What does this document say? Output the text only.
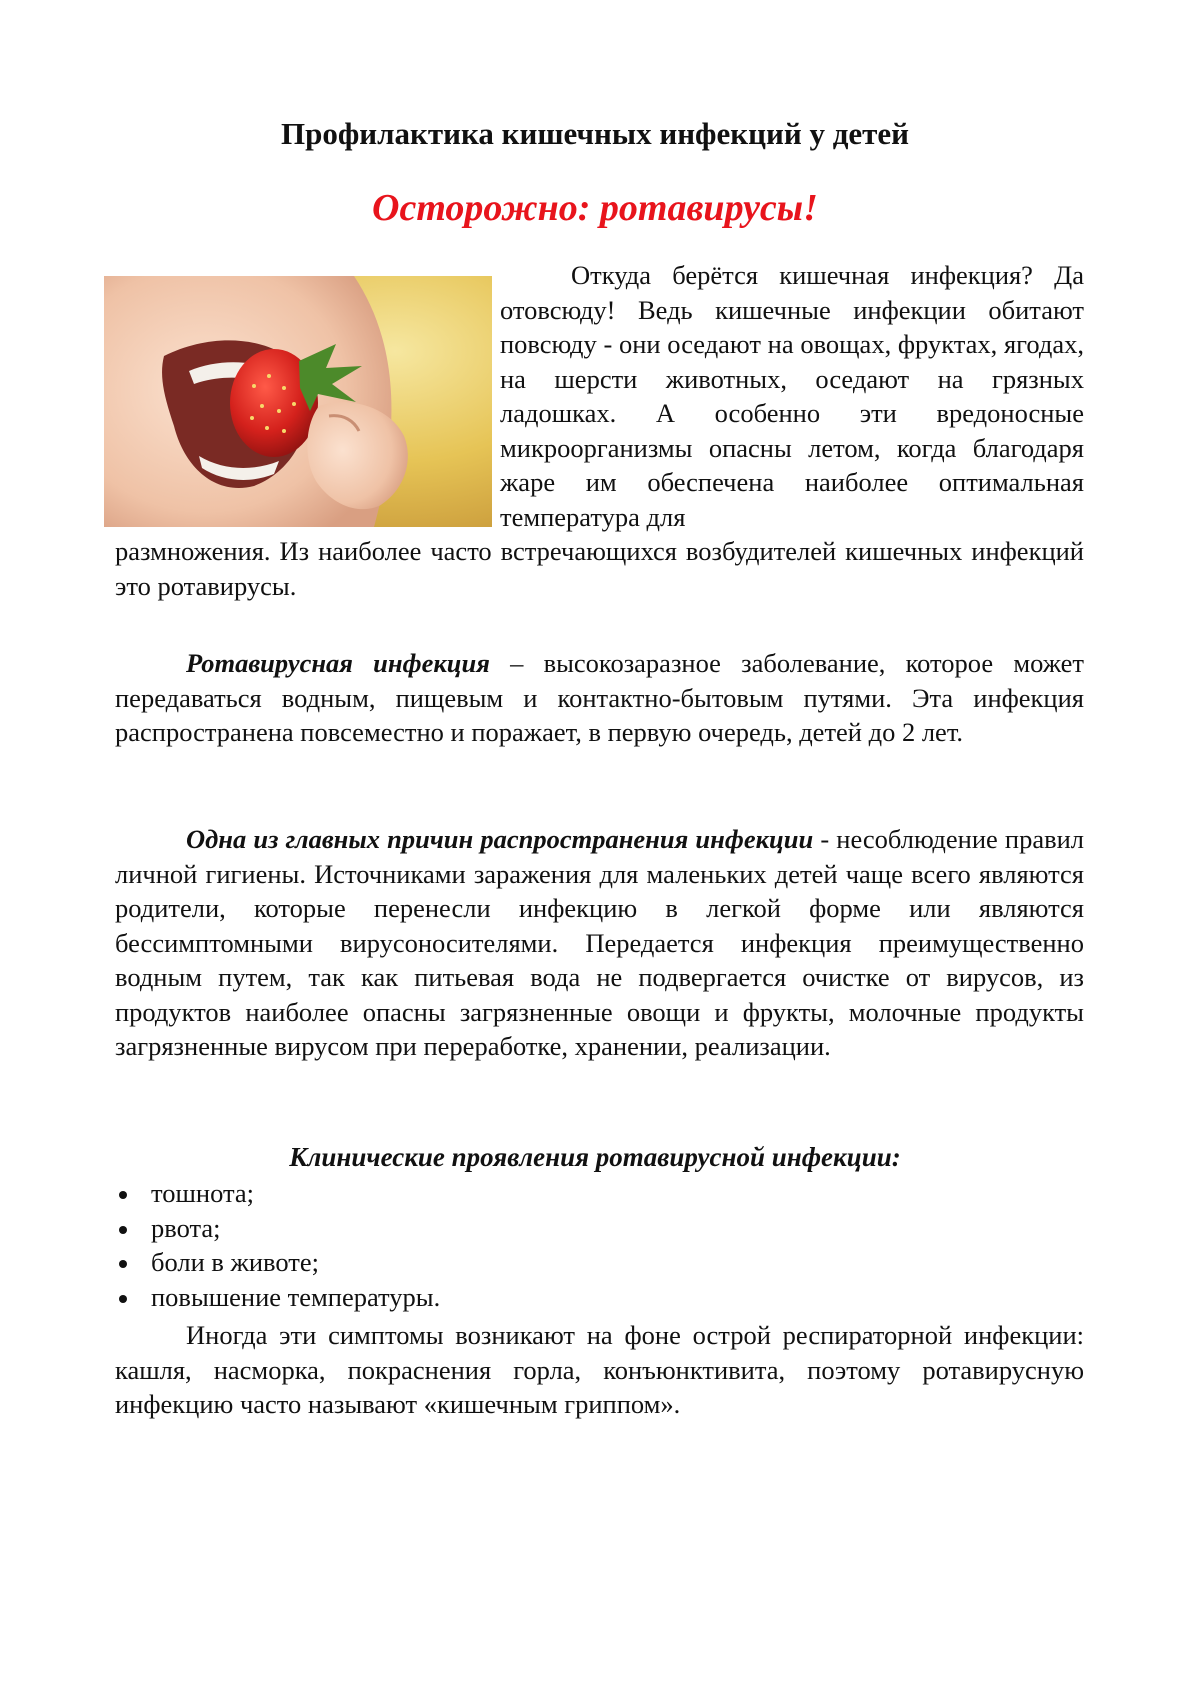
Профилактика кишечных инфекций у детей
Осторожно: ротавирусы!
Откуда берётся кишечная инфекция? Да отовсюду! Ведь кишечные инфекции обитают повсюду - они оседают на овощах, фруктах, ягодах, на шерсти животных, оседают на грязных ладошках. А особенно эти вредоносные микроорганизмы опасны летом, когда благодаря жаре им обеспечена наиболее оптимальная температура для
размножения. Из наиболее часто встречающихся возбудителей кишечных инфекций это ротавирусы.
Ротавирусная инфекция – высокозаразное заболевание, которое может передаваться водным, пищевым и контактно-бытовым путями. Эта инфекция распространена повсеместно и поражает, в первую очередь, детей до 2 лет.
Одна из главных причин распространения инфекции - несоблюдение правил личной гигиены. Источниками заражения для маленьких детей чаще всего являются родители, которые перенесли инфекцию в легкой форме или являются бессимптомными вирусоносителями. Передается инфекция преимущественно водным путем, так как питьевая вода не подвергается очистке от вирусов, из продуктов наиболее опасны загрязненные овощи и фрукты, молочные продукты загрязненные вирусом при переработке, хранении, реализации.
Клинические проявления ротавирусной инфекции:
тошнота;
рвота;
боли в животе;
повышение температуры.
Иногда эти симптомы возникают на фоне острой респираторной инфекции: кашля, насморка, покраснения горла, конъюнктивита, поэтому ротавирусную инфекцию часто называют «кишечным гриппом».
